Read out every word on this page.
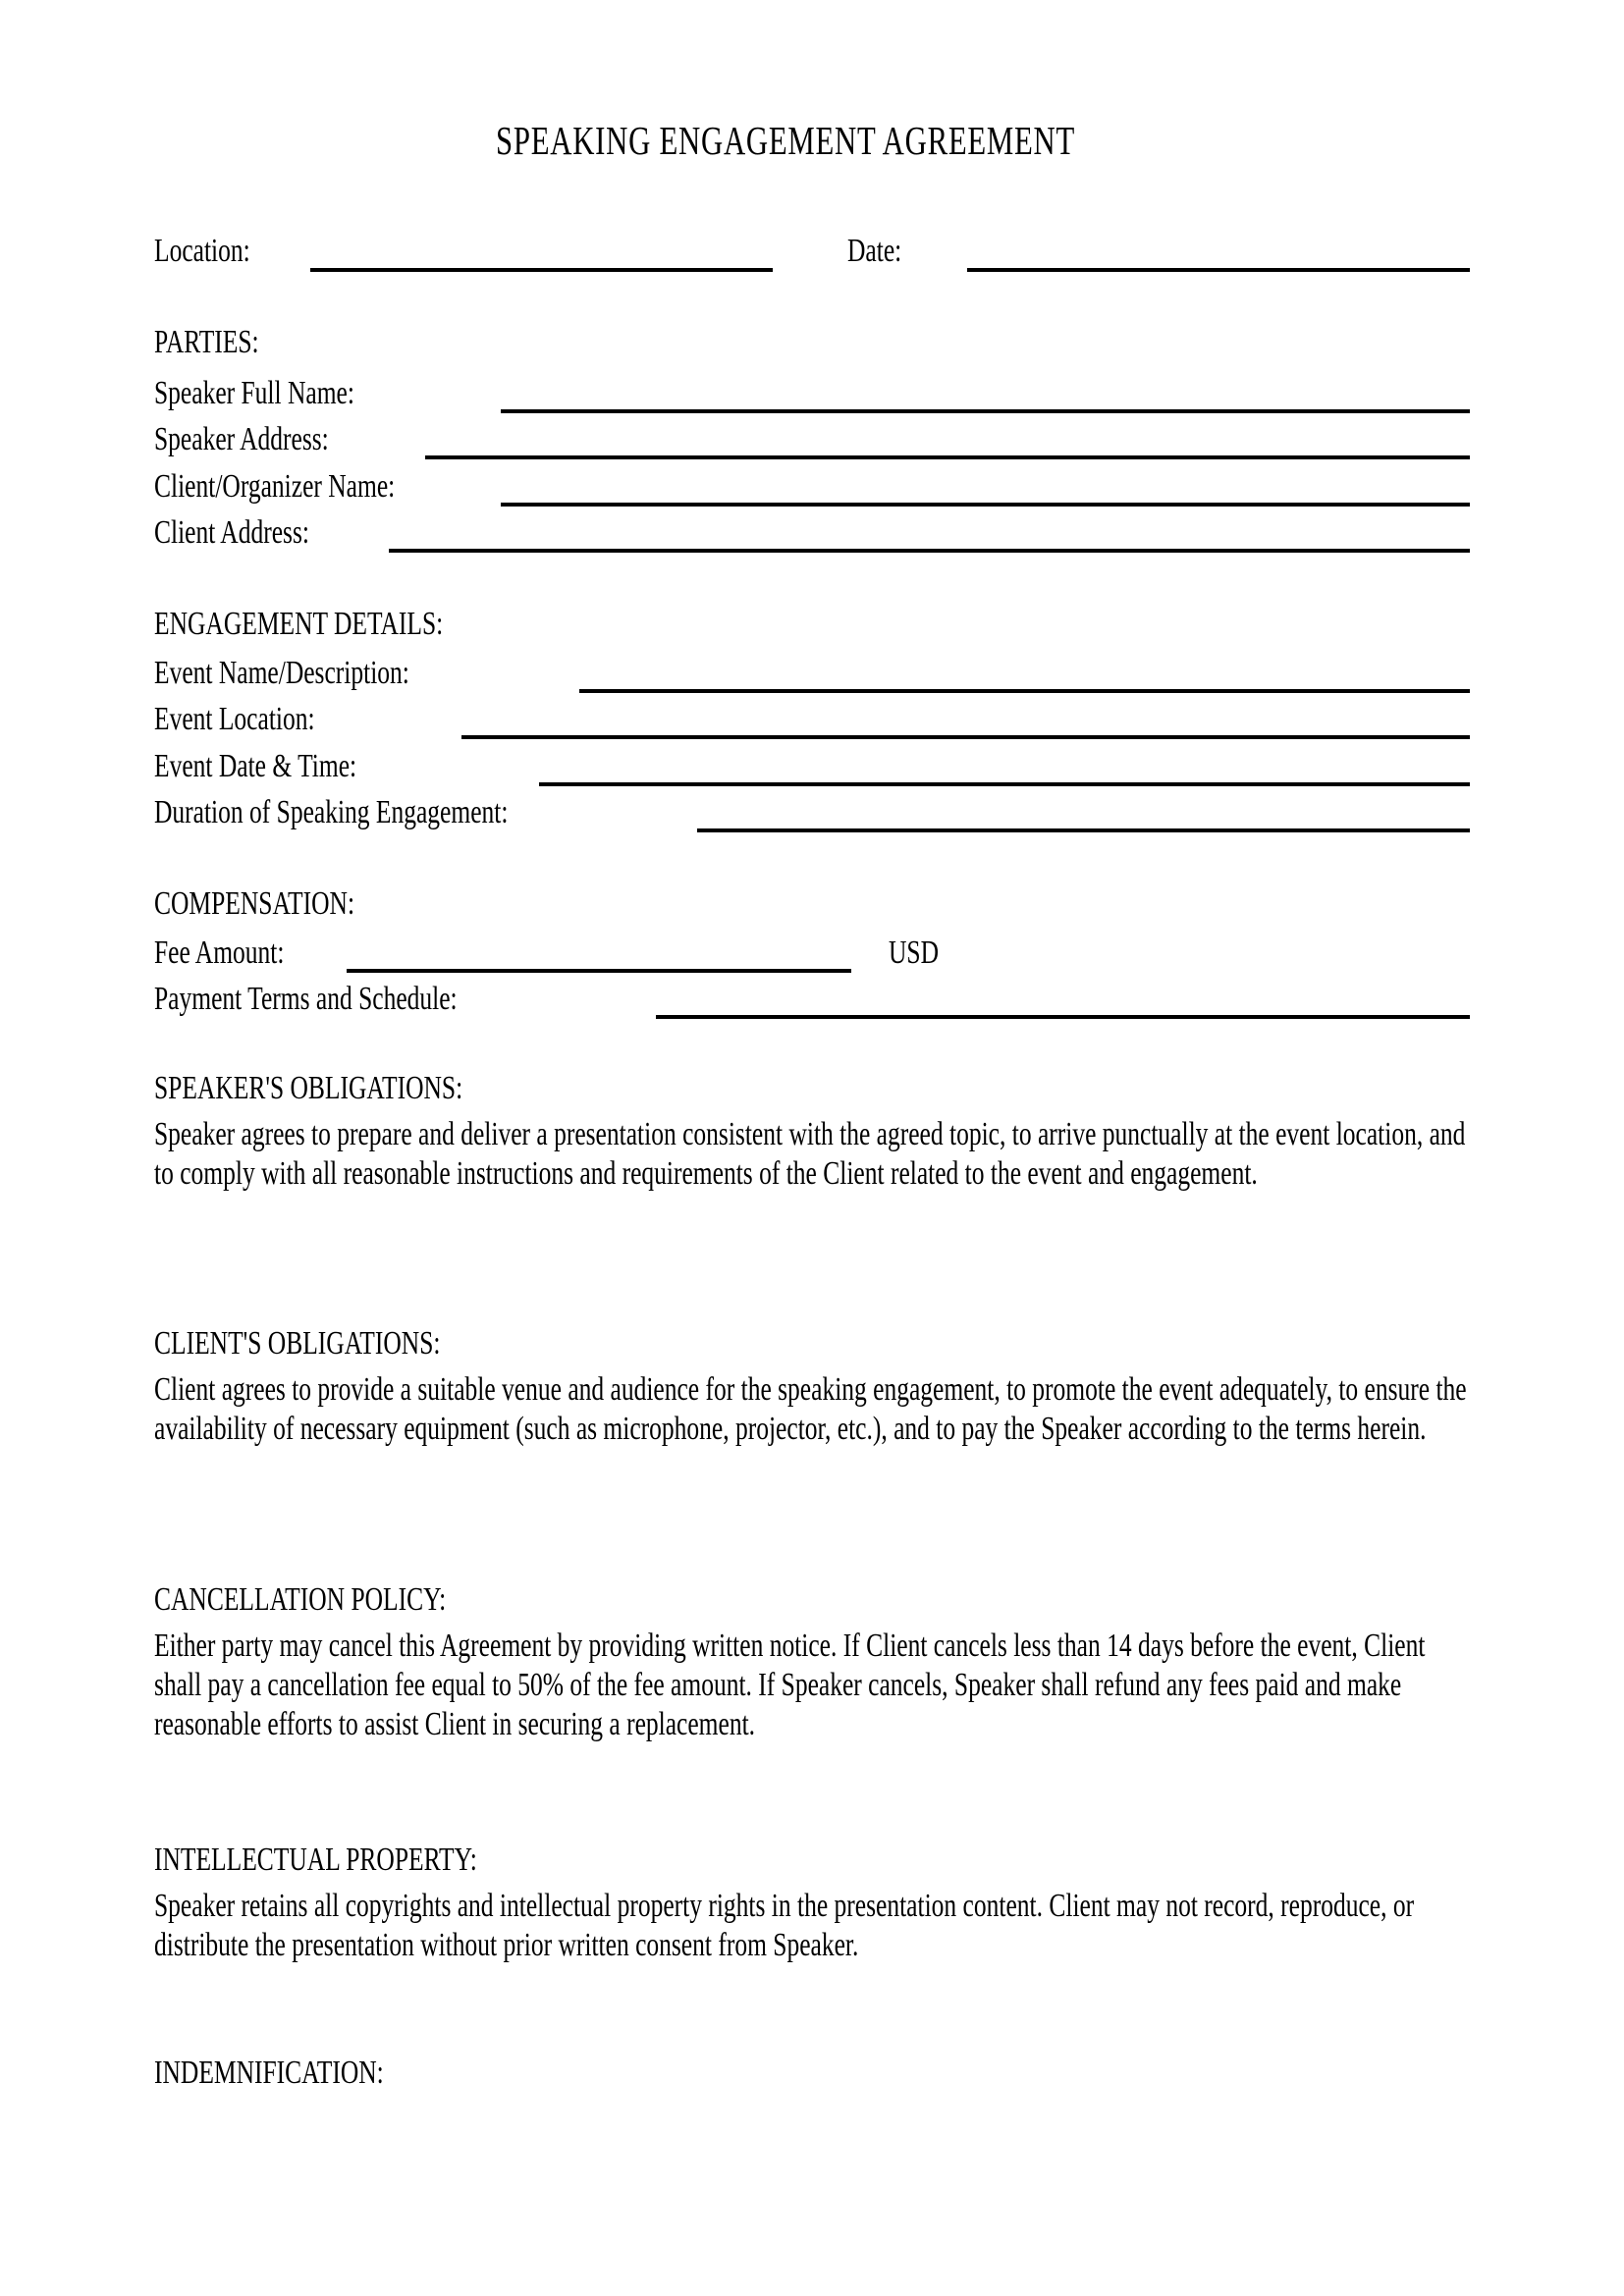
SPEAKING ENGAGEMENT AGREEMENT
Location:	Date:
PARTIES:
Speaker Full Name:
Speaker Address:
Client/Organizer Name:
Client Address:
ENGAGEMENT DETAILS:
Event Name/Description:
Event Location:
Event Date & Time:
Duration of Speaking Engagement:
COMPENSATION:
Fee Amount:	USD
Payment Terms and Schedule:
SPEAKER'S OBLIGATIONS:
Speaker agrees to prepare and deliver a presentation consistent with the agreed topic, to arrive punctually at the event location, and to comply with all reasonable instructions and requirements of the Client related to the event and engagement.
CLIENT'S OBLIGATIONS:
Client agrees to provide a suitable venue and audience for the speaking engagement, to promote the event adequately, to ensure the availability of necessary equipment (such as microphone, projector, etc.), and to pay the Speaker according to the terms herein.
CANCELLATION POLICY:
Either party may cancel this Agreement by providing written notice. If Client cancels less than 14 days before the event, Client shall pay a cancellation fee equal to 50% of the fee amount. If Speaker cancels, Speaker shall refund any fees paid and make reasonable efforts to assist Client in securing a replacement.
INTELLECTUAL PROPERTY:
Speaker retains all copyrights and intellectual property rights in the presentation content. Client may not record, reproduce, or distribute the presentation without prior written consent from Speaker.
INDEMNIFICATION:
